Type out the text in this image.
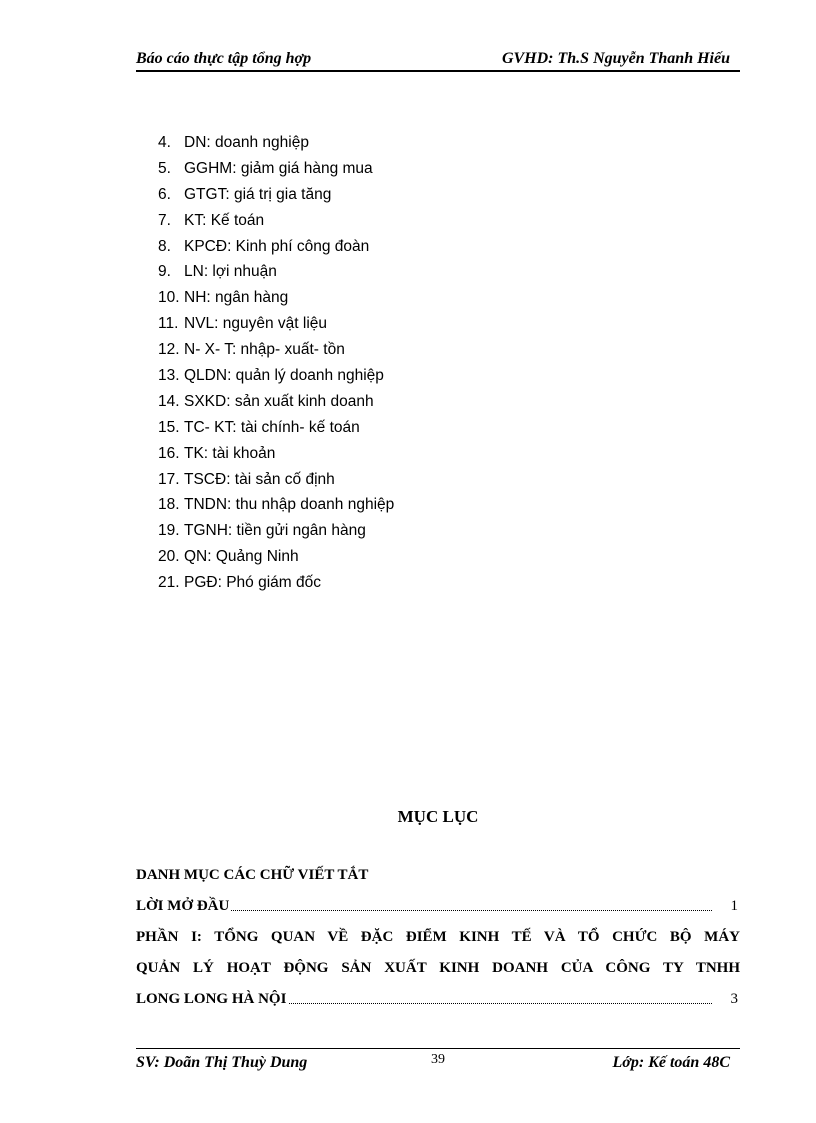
Báo cáo thực tập tổng hợp	GVHD: Th.S Nguyễn Thanh Hiếu
4. DN: doanh nghiệp
5. GGHM: giảm giá hàng mua
6. GTGT: giá trị gia tăng
7. KT: Kế toán
8. KPCĐ: Kinh phí công đoàn
9. LN: lợi nhuận
10. NH: ngân hàng
11. NVL: nguyên vật liệu
12. N- X- T: nhập- xuất- tồn
13. QLDN: quản lý doanh nghiệp
14. SXKD: sản xuất kinh doanh
15. TC- KT: tài chính- kế toán
16. TK: tài khoản
17. TSCĐ: tài sản cố định
18. TNDN: thu nhập doanh nghiệp
19. TGNH: tiền gửi ngân hàng
20. QN: Quảng Ninh
21. PGĐ: Phó giám đốc
MỤC LỤC
DANH MỤC CÁC CHỮ VIẾT TẮT
LỜI MỞ ĐẦU	1
PHẦN I: TỔNG QUAN VỀ ĐẶC ĐIỂM KINH TẾ VÀ TỔ CHỨC BỘ MÁY
QUẢN LÝ HOẠT ĐỘNG SẢN XUẤT KINH DOANH CỦA CÔNG TY TNHH
LONG LONG HÀ NỘI	3
SV: Doãn Thị Thuỳ Dung	39	Lớp: Kế toán 48C
